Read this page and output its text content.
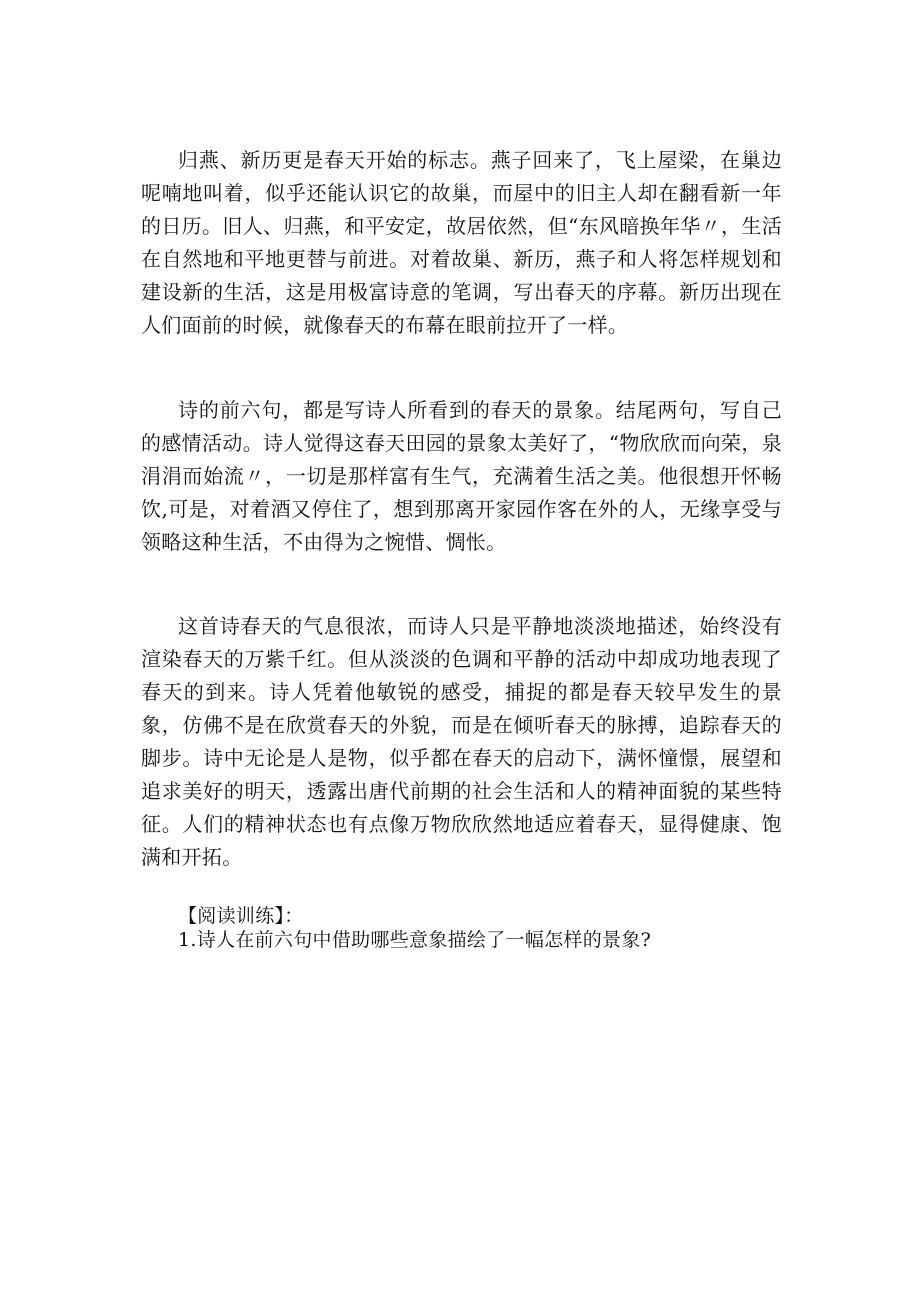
归燕、新历更是春天开始的标志。燕子回来了，飞上屋梁，在巢边呢喃地叫着，似乎还能认识它的故巢，而屋中的旧主人却在翻看新一年的日历。旧人、归燕，和平安定，故居依然，但“东风暗换年华〃，生活在自然地和平地更替与前进。对着故巢、新历，燕子和人将怎样规划和建设新的生活，这是用极富诗意的笔调，写出春天的序幕。新历出现在人们面前的时候，就像春天的布幕在眼前拉开了一样。

诗的前六句，都是写诗人所看到的春天的景象。结尾两句，写自己的感情活动。诗人觉得这春天田园的景象太美好了，“物欣欣而向荣，泉涓涓而始流〃，一切是那样富有生气，充满着生活之美。他很想开怀畅饮,可是，对着酒又停住了，想到那离开家园作客在外的人，无缘享受与领略这种生活，不由得为之惋惜、惆怅。

这首诗春天的气息很浓，而诗人只是平静地淡淡地描述，始终没有渲染春天的万紫千红。但从淡淡的色调和平静的活动中却成功地表现了春天的到来。诗人凭着他敏锐的感受，捕捉的都是春天较早发生的景象，仿佛不是在欣赏春天的外貌，而是在倾听春天的脉搏，追踪春天的脚步。诗中无论是人是物，似乎都在春天的启动下，满怀憧憬，展望和追求美好的明天，透露出唐代前期的社会生活和人的精神面貌的某些特征。人们的精神状态也有点像万物欣欣然地适应着春天，显得健康、饱满和开拓。

【阅读训练】：

1.诗人在前六句中借助哪些意象描绘了一幅怎样的景象?
